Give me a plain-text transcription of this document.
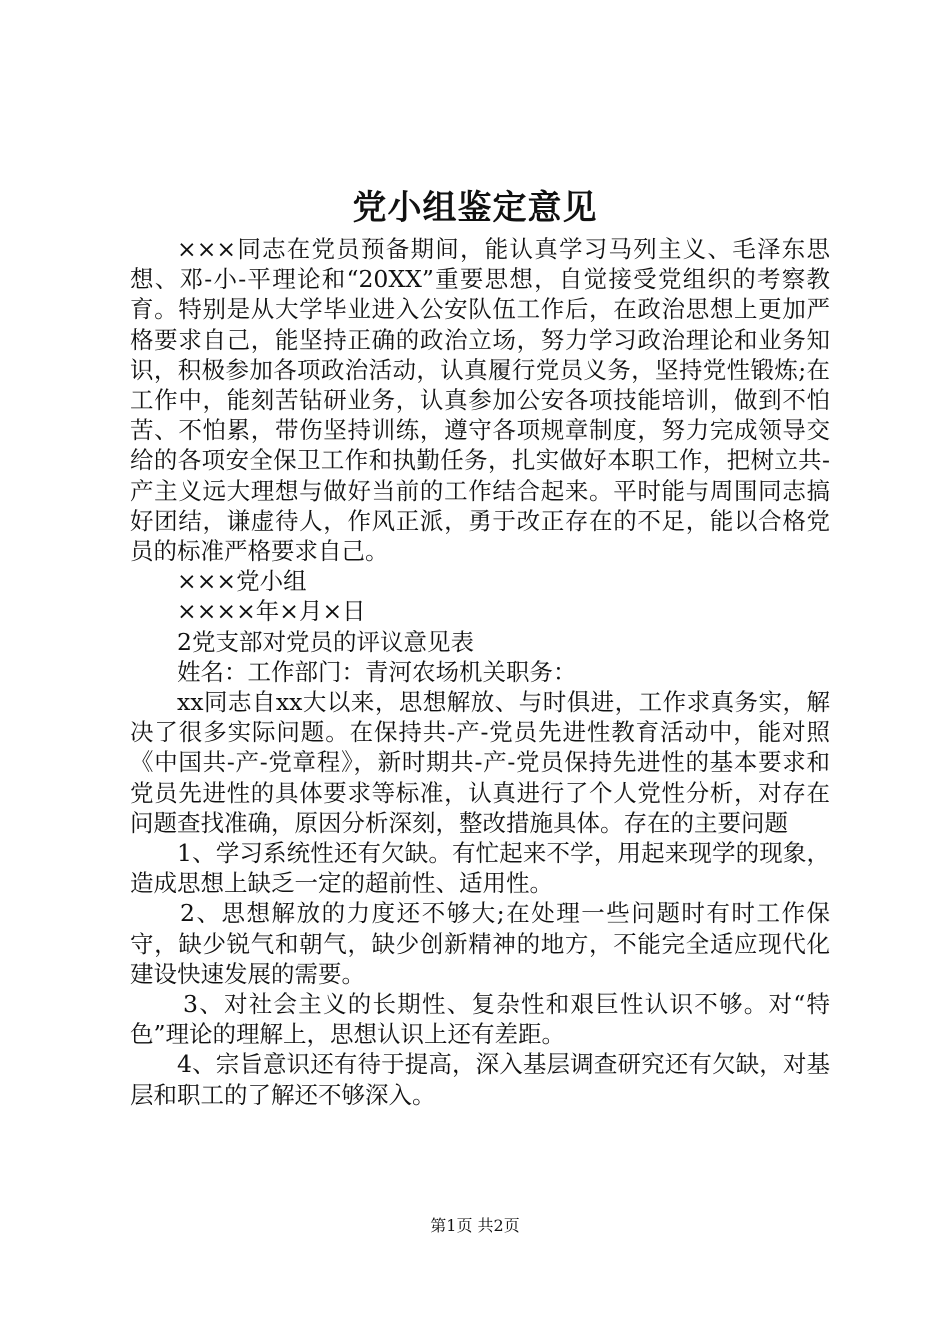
党小组鉴定意见

×××同志在党员预备期间，能认真学习马列主义、毛泽东思想、邓-小-平理论和“20XX”重要思想，自觉接受党组织的考察教育。特别是从大学毕业进入公安队伍工作后，在政治思想上更加严格要求自己，能坚持正确的政治立场，努力学习政治理论和业务知识，积极参加各项政治活动，认真履行党员义务，坚持党性锻炼;在工作中，能刻苦钻研业务，认真参加公安各项技能培训，做到不怕苦、不怕累，带伤坚持训练，遵守各项规章制度，努力完成领导交给的各项安全保卫工作和执勤任务，扎实做好本职工作，把树立共-产主义远大理想与做好当前的工作结合起来。平时能与周围同志搞好团结，谦虚待人，作风正派，勇于改正存在的不足，能以合格党员的标准严格要求自己。

×××党小组

××××年×月×日

2党支部对党员的评议意见表

姓名：工作部门：青河农场机关职务：

xx同志自xx大以来，思想解放、与时俱进，工作求真务实，解决了很多实际问题。在保持共-产-党员先进性教育活动中，能对照《中国共-产-党章程》，新时期共-产-党员保持先进性的基本要求和党员先进性的具体要求等标准，认真进行了个人党性分析，对存在问题查找准确，原因分析深刻，整改措施具体。存在的主要问题

1、学习系统性还有欠缺。有忙起来不学，用起来现学的现象，造成思想上缺乏一定的超前性、适用性。

2、思想解放的力度还不够大;在处理一些问题时有时工作保守，缺少锐气和朝气，缺少创新精神的地方，不能完全适应现代化建设快速发展的需要。

3、对社会主义的长期性、复杂性和艰巨性认识不够。对“特色”理论的理解上，思想认识上还有差距。

4、宗旨意识还有待于提高，深入基层调查研究还有欠缺，对基层和职工的了解还不够深入。

第1页 共2页
